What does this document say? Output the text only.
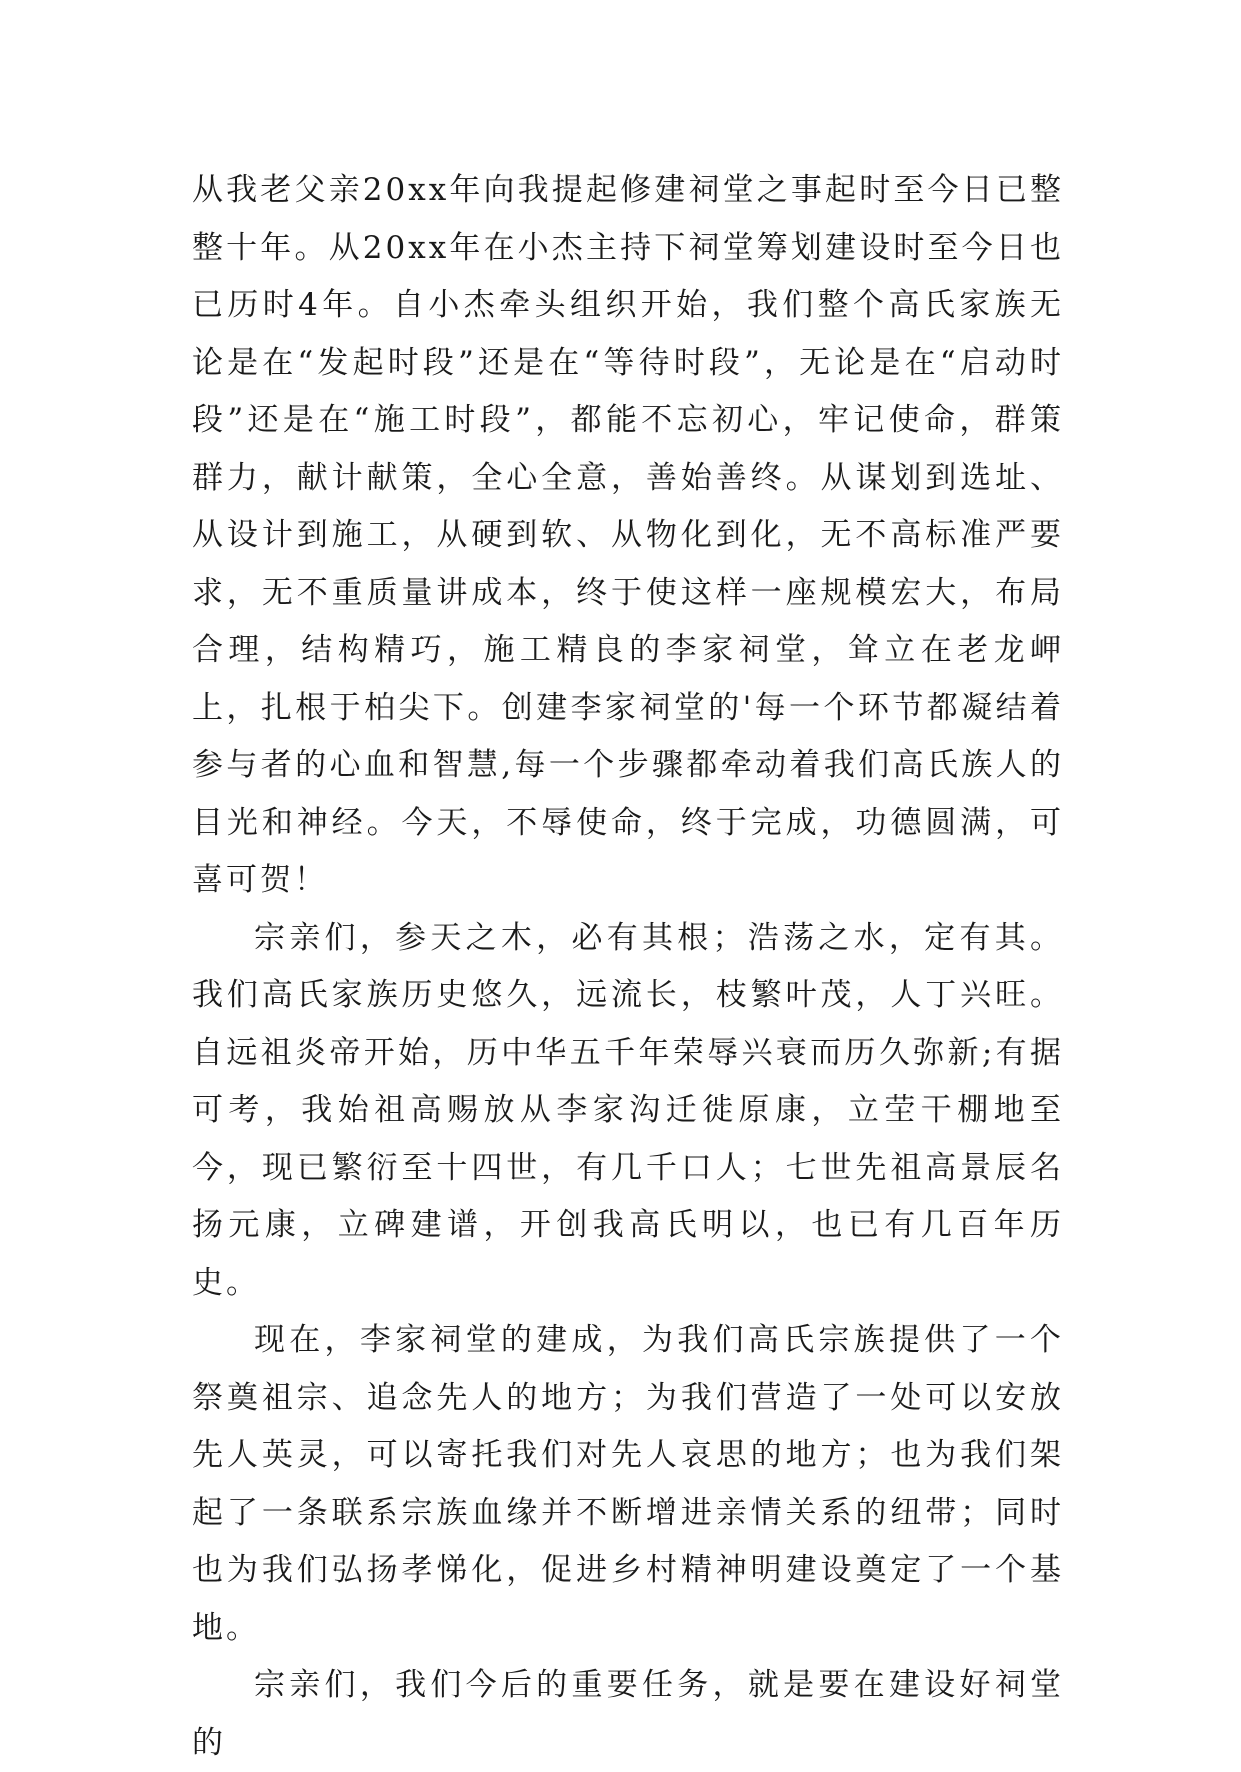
从我老父亲20xx年向我提起修建祠堂之事起时至今日已整整十年。从20xx年在小杰主持下祠堂筹划建设时至今日也已历时4年。自小杰牵头组织开始，我们整个高氏家族无论是在“发起时段”还是在“等待时段”，无论是在“启动时段”还是在“施工时段”，都能不忘初心，牢记使命，群策群力，献计献策，全心全意，善始善终。从谋划到选址、从设计到施工，从硬到软、从物化到化，无不高标准严要求，无不重质量讲成本，终于使这样一座规模宏大，布局合理，结构精巧，施工精良的李家祠堂，耸立在老龙岬上，扎根于柏尖下。创建李家祠堂的'每一个环节都凝结着参与者的心血和智慧,每一个步骤都牵动着我们高氏族人的目光和神经。今天，不辱使命，终于完成，功德圆满，可喜可贺！

宗亲们，参天之木，必有其根；浩荡之水，定有其。我们高氏家族历史悠久，远流长，枝繁叶茂，人丁兴旺。自远祖炎帝开始，历中华五千年荣辱兴衰而历久弥新;有据可考，我始祖高赐放从李家沟迁徙原康，立茔干棚地至今，现已繁衍至十四世，有几千口人；七世先祖高景辰名扬元康，立碑建谱，开创我高氏明以，也已有几百年历史。

现在，李家祠堂的建成，为我们高氏宗族提供了一个祭奠祖宗、追念先人的地方；为我们营造了一处可以安放先人英灵，可以寄托我们对先人哀思的地方；也为我们架起了一条联系宗族血缘并不断增进亲情关系的纽带；同时也为我们弘扬孝悌化，促进乡村精神明建设奠定了一个基地。

宗亲们，我们今后的重要任务，就是要在建设好祠堂的
